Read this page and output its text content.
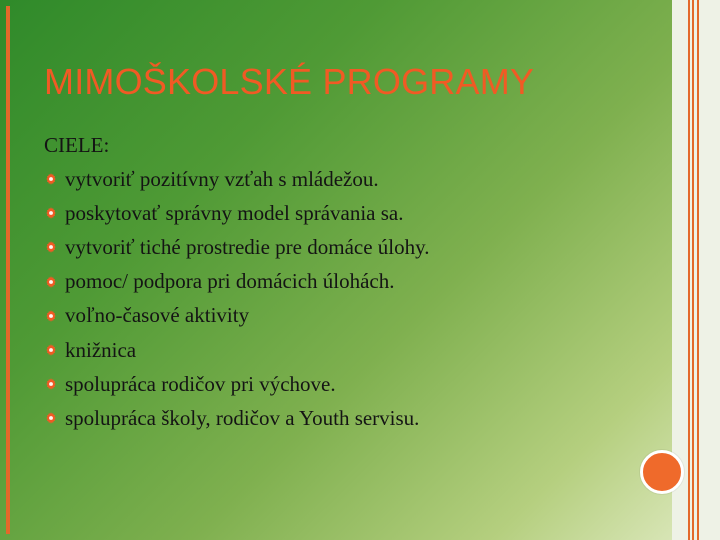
MIMOŠKOLSKÉ PROGRAMY
CIELE:
vytvoriť pozitívny vzťah s mládežou.
poskytovať správny model správania sa.
vytvoriť tiché prostredie pre domáce úlohy.
pomoc/ podpora pri domácich úlohách.
voľno-časové aktivity
knižnica
spolupráca rodičov pri výchove.
spolupráca školy, rodičov a Youth servisu.
